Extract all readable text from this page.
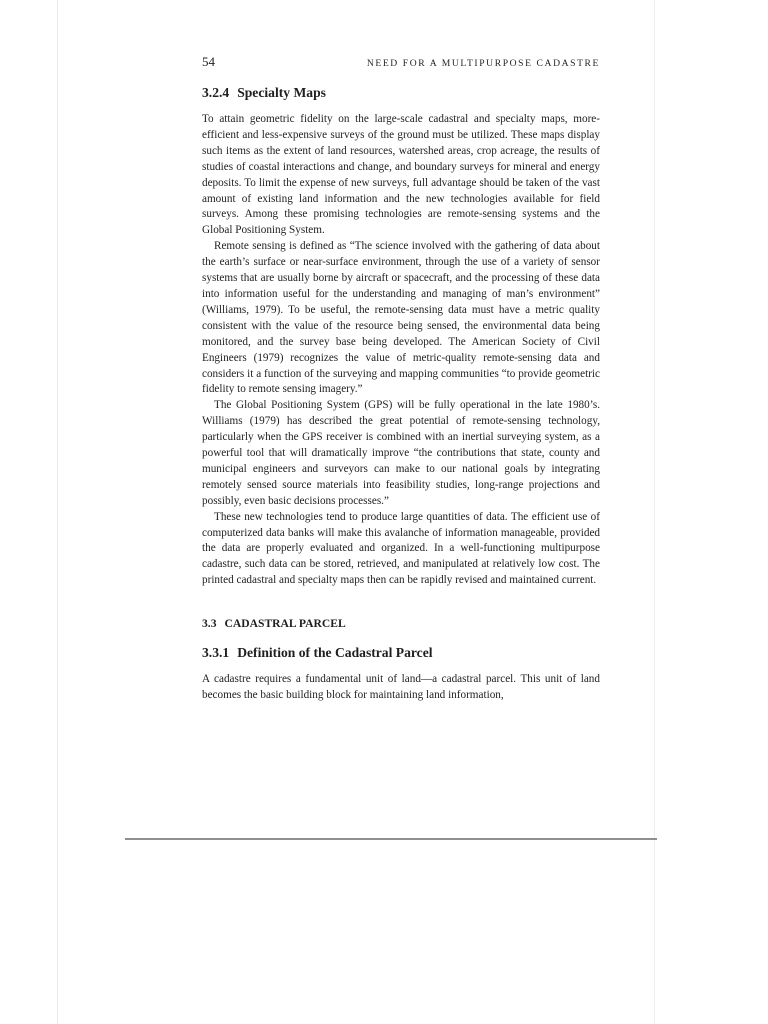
54	NEED FOR A MULTIPURPOSE CADASTRE
3.2.4 Specialty Maps

To attain geometric fidelity on the large-scale cadastral and specialty maps, more-efficient and less-expensive surveys of the ground must be utilized. These maps display such items as the extent of land resources, watershed areas, crop acreage, the results of studies of coastal interactions and change, and boundary surveys for mineral and energy deposits. To limit the expense of new surveys, full advantage should be taken of the vast amount of existing land information and the new technologies available for field surveys. Among these promising technologies are remote-sensing systems and the Global Positioning System.

Remote sensing is defined as “The science involved with the gathering of data about the earth’s surface or near-surface environment, through the use of a variety of sensor systems that are usually borne by aircraft or spacecraft, and the processing of these data into information useful for the understanding and managing of man’s environment” (Williams, 1979). To be useful, the remote-sensing data must have a metric quality consistent with the value of the resource being sensed, the environmental data being monitored, and the survey base being developed. The American Society of Civil Engineers (1979) recognizes the value of metric-quality remote-sensing data and considers it a function of the surveying and mapping communities “to provide geometric fidelity to remote sensing imagery.”

The Global Positioning System (GPS) will be fully operational in the late 1980’s. Williams (1979) has described the great potential of remote-sensing technology, particularly when the GPS receiver is combined with an inertial surveying system, as a powerful tool that will dramatically improve “the contributions that state, county and municipal engineers and surveyors can make to our national goals by integrating remotely sensed source materials into feasibility studies, long-range projections and possibly, even basic decisions processes.”

These new technologies tend to produce large quantities of data. The efficient use of computerized data banks will make this avalanche of information manageable, provided the data are properly evaluated and organized. In a well-functioning multipurpose cadastre, such data can be stored, retrieved, and manipulated at relatively low cost. The printed cadastral and specialty maps then can be rapidly revised and maintained current.

3.3 CADASTRAL PARCEL
3.3.1 Definition of the Cadastral Parcel

A cadastre requires a fundamental unit of land—a cadastral parcel. This unit of land becomes the basic building block for maintaining land information,
